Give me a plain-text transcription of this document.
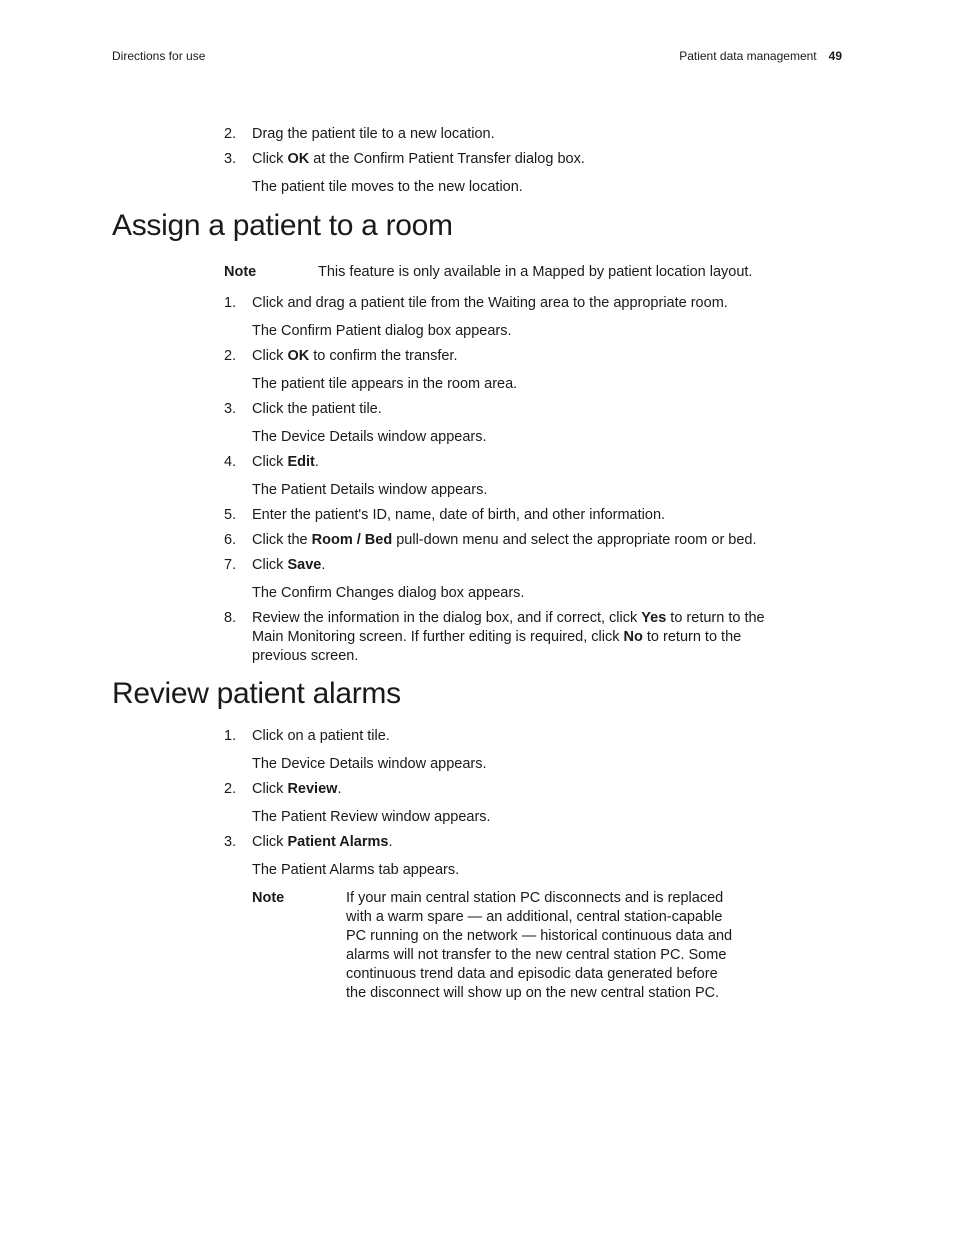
Directions for use	Patient data management 49
2. Drag the patient tile to a new location.
3. Click OK at the Confirm Patient Transfer dialog box.
The patient tile moves to the new location.
Assign a patient to a room
Note	This feature is only available in a Mapped by patient location layout.
1. Click and drag a patient tile from the Waiting area to the appropriate room.
The Confirm Patient dialog box appears.
2. Click OK to confirm the transfer.
The patient tile appears in the room area.
3. Click the patient tile.
The Device Details window appears.
4. Click Edit.
The Patient Details window appears.
5. Enter the patient's ID, name, date of birth, and other information.
6. Click the Room / Bed pull-down menu and select the appropriate room or bed.
7. Click Save.
The Confirm Changes dialog box appears.
8. Review the information in the dialog box, and if correct, click Yes to return to the
Main Monitoring screen. If further editing is required, click No to return to the
previous screen.
Review patient alarms
1. Click on a patient tile.
The Device Details window appears.
2. Click Review.
The Patient Review window appears.
3. Click Patient Alarms.
The Patient Alarms tab appears.
Note	If your main central station PC disconnects and is replaced
with a warm spare — an additional, central station-capable
PC running on the network — historical continuous data and
alarms will not transfer to the new central station PC. Some
continuous trend data and episodic data generated before
the disconnect will show up on the new central station PC.
